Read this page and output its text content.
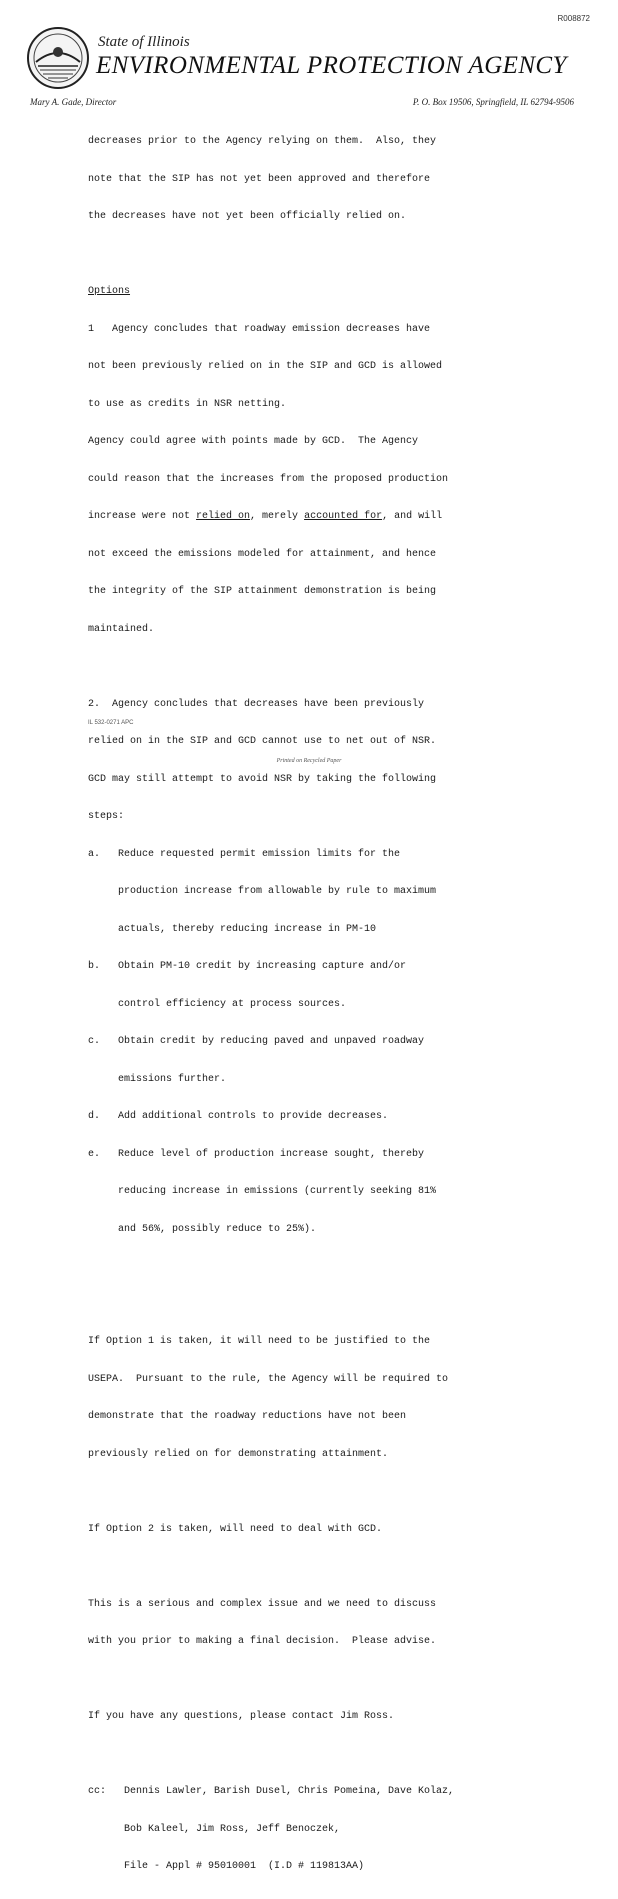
R008872
State of Illinois
ENVIRONMENTAL PROTECTION AGENCY
Mary A. Gade, Director	P. O. Box 19506, Springfield, IL 62794-9506

decreases prior to the Agency relying on them.  Also, they

note that the SIP has not yet been approved and therefore

the decreases have not yet been officially relied on.

Options

1   Agency concludes that roadway emission decreases have

not been previously relied on in the SIP and GCD is allowed

to use as credits in NSR netting.

Agency could agree with points made by GCD.  The Agency

could reason that the increases from the proposed production

increase were not relied on, merely accounted for, and will

not exceed the emissions modeled for attainment, and hence

the integrity of the SIP attainment demonstration is being

maintained.

2.  Agency concludes that decreases have been previously

relied on in the SIP and GCD cannot use to net out of NSR.

GCD may still attempt to avoid NSR by taking the following

steps:

a.   Reduce requested permit emission limits for the

production increase from allowable by rule to maximum

actuals, thereby reducing increase in PM-10

b.   Obtain PM-10 credit by increasing capture and/or

control efficiency at process sources.

c.   Obtain credit by reducing paved and unpaved roadway

emissions further.

d.   Add additional controls to provide decreases.

e.   Reduce level of production increase sought, thereby

reducing increase in emissions (currently seeking 81%

and 56%, possibly reduce to 25%).

If Option 1 is taken, it will need to be justified to the

USEPA.  Pursuant to the rule, the Agency will be required to

demonstrate that the roadway reductions have not been

previously relied on for demonstrating attainment.

If Option 2 is taken, will need to deal with GCD.

This is a serious and complex issue and we need to discuss

with you prior to making a final decision.  Please advise.

If you have any questions, please contact Jim Ross.

cc:   Dennis Lawler, Barish Dusel, Chris Pomeina, Dave Kolaz,

Bob Kaleel, Jim Ross, Jeff Benoczek,

File - Appl # 95010001  (I.D # 119813AA)

IL 532-0271 APC
Printed on Recycled Paper
